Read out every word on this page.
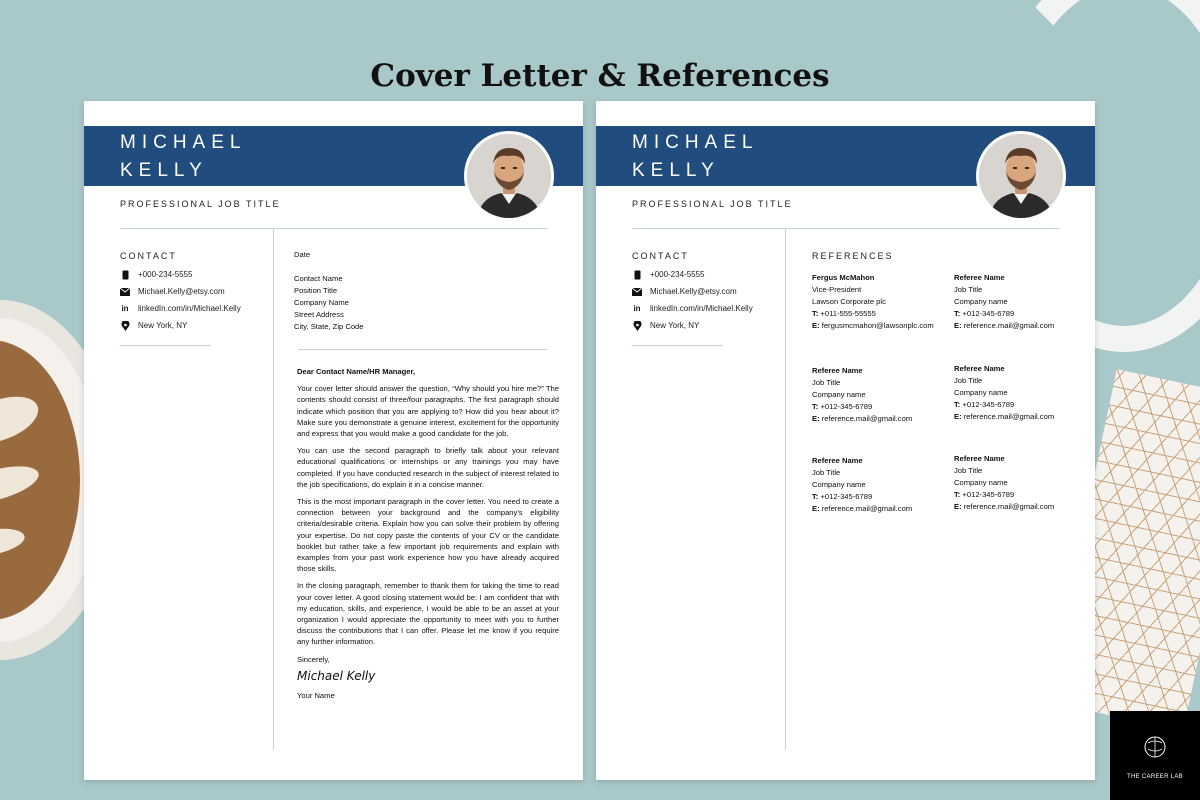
Cover Letter & References
MICHAEL
KELLY
PROFESSIONAL JOB TITLE
CONTACT
+000-234-5555
Michael.Kelly@etsy.com
in linkedIn.com/in/Michael.Kelly
New York, NY
Date
Contact Name
Position Title
Company Name
Street Address
City, State, Zip Code

Dear Contact Name/HR Manager,

Your cover letter should answer the question, “Why should you hire me?” The contents should consist of three/four paragraphs. The first paragraph should indicate which position that you are applying to? How did you hear about it? Make sure you demonstrate a genuine interest, excitement for the opportunity and express that you would make a good candidate for the job.

You can use the second paragraph to briefly talk about your relevant educational qualifications or internships or any trainings you may have completed. If you have conducted research in the subject of interest related to the job specifications, do explain it in a concise manner.

This is the most important paragraph in the cover letter. You need to create a connection between your background and the company's eligibility criteria/desirable criteria. Explain how you can solve their problem by offering your expertise. Do not copy paste the contents of your CV or the candidate booklet but rather take a few important job requirements and explain with examples from your past work experience how you have already acquired those skills.

In the closing paragraph, remember to thank them for taking the time to read your cover letter. A good closing statement would be: I am confident that with my education, skills, and experience, I would be able to be an asset at your organization I would appreciate the opportunity to meet with you to further discuss the contributions that I can offer. Please let me know if you require any further information.

Sincerely,

Michael Kelly

Your Name

MICHAEL
KELLY
PROFESSIONAL JOB TITLE
CONTACT
+000-234-5555
Michael.Kelly@etsy.com
in linkedIn.com/in/Michael.Kelly
New York, NY
REFERENCES
Fergus McMahon
Vice-President
Lawson Corporate plc
T: +011-555-55555
E: fergusmcmahon@lawsonplc.com
Referee Name
Job Title
Company name
T: +012-345-6789
E: reference.mail@gmail.com
Referee Name
Job Title
Company name
T: +012-345-6789
E: reference.mail@gmail.com
Referee Name
Job Title
Company name
T: +012-345-6789
E: reference.mail@gmail.com
Referee Name
Job Title
Company name
T: +012-345-6789
E: reference.mail@gmail.com
Referee Name
Job Title
Company name
T: +012-345-6789
E: reference.mail@gmail.com
THE CAREER LAB
